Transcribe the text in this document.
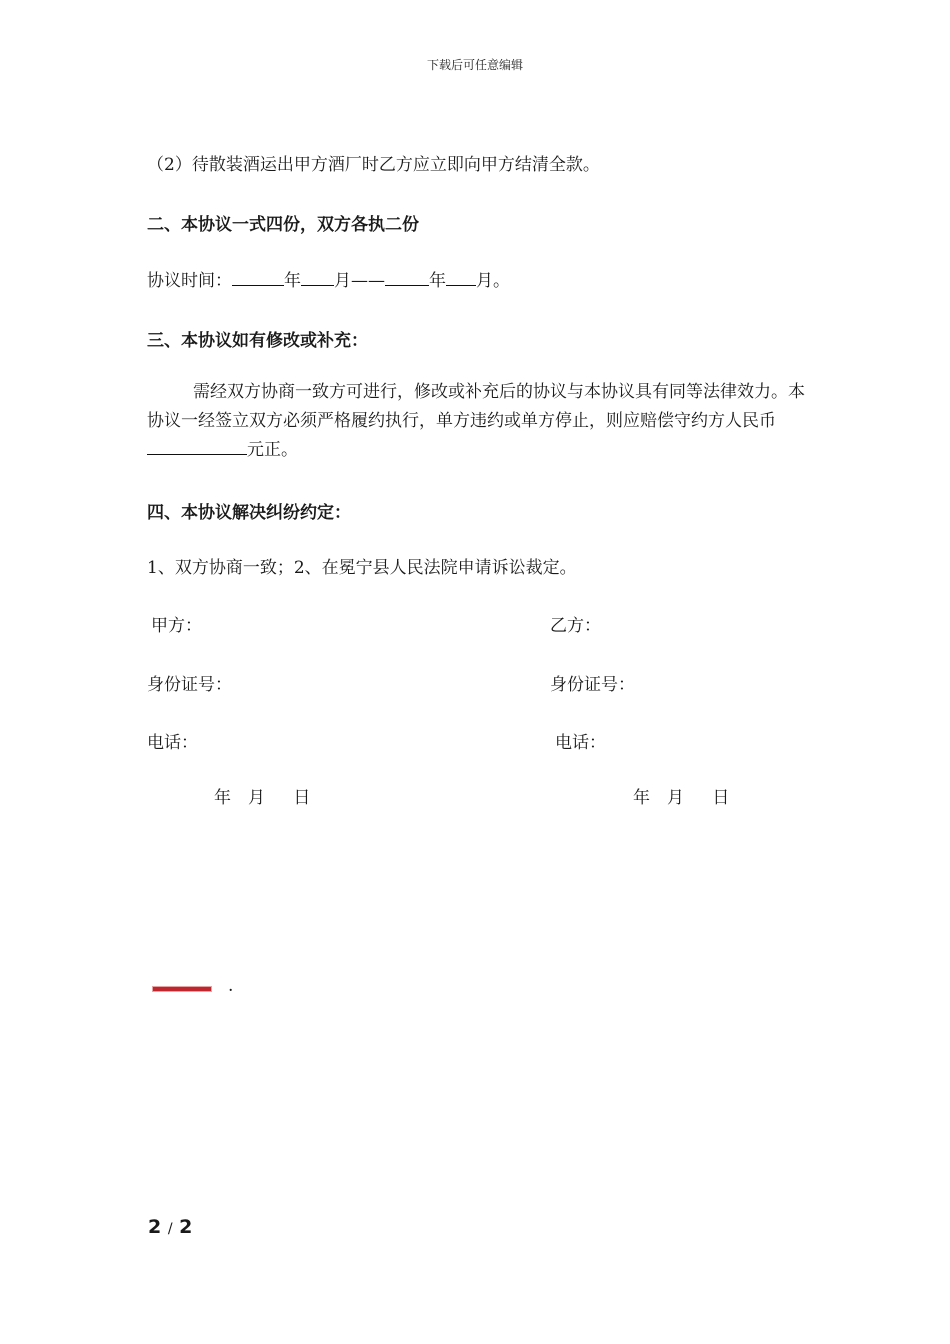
下载后可任意编辑
（2）待散装酒运出甲方酒厂时乙方应立即向甲方结清全款。
二、本协议一式四份，双方各执二份
协议时间：	年 月——	年 月。
三、本协议如有修改或补充：
需经双方协商一致方可进行，修改或补充后的协议与本协议具有同等法律效力。本协议一经签立双方必须严格履约执行，单方违约或单方停止，则应赔偿守约方人民币元正。
四、本协议解决纠纷约定：
1、双方协商一致；2、在冕宁县人民法院申请诉讼裁定。
甲方：	乙方：
身份证号：	身份证号：
电话：	电话：
年　月　 日	年　月　 日
.
2 / 2
